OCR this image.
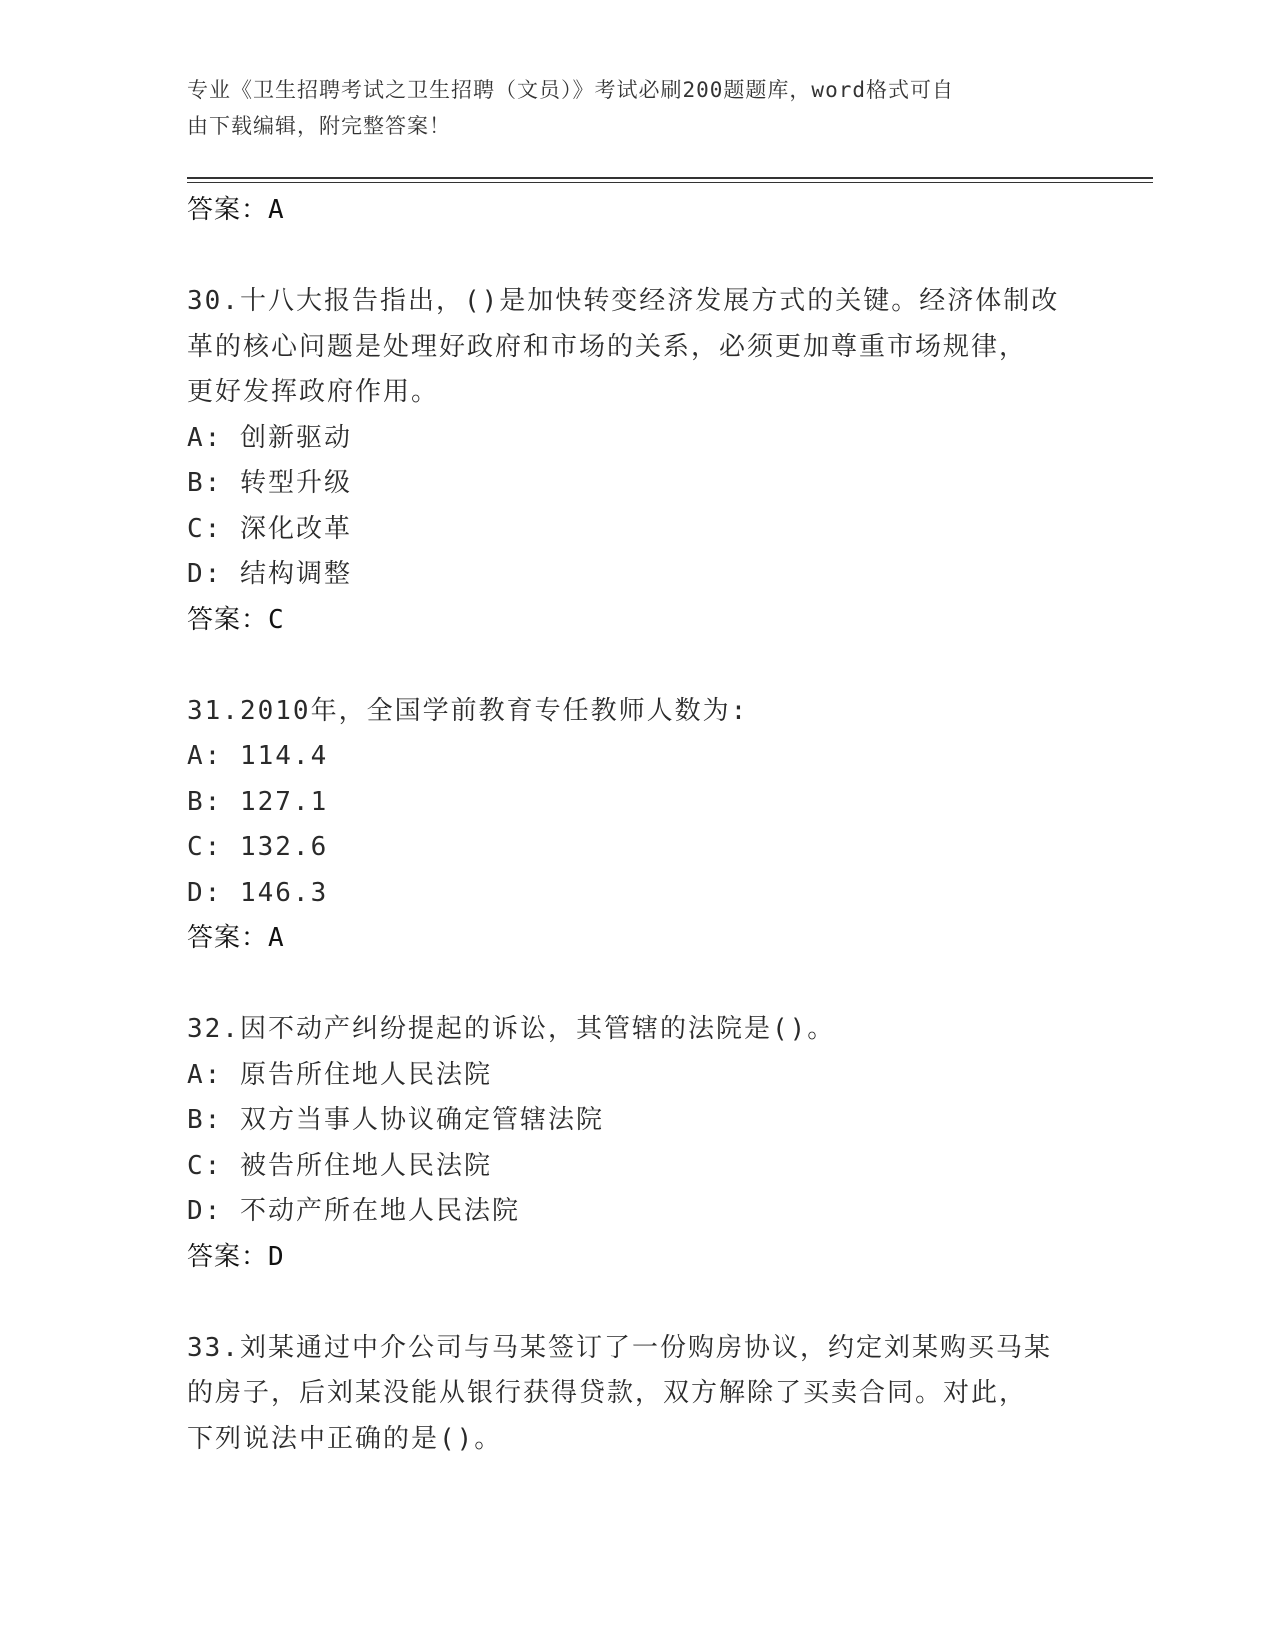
专业《卫生招聘考试之卫生招聘（文员）》考试必刷200题题库，word格式可自
由下载编辑，附完整答案！
答案：A
30.十八大报告指出，()是加快转变经济发展方式的关键。经济体制改
革的核心问题是处理好政府和市场的关系，必须更加尊重市场规律，
更好发挥政府作用。
A: 创新驱动
B: 转型升级
C: 深化改革
D: 结构调整
答案：C
31.2010年，全国学前教育专任教师人数为:
A: 114.4
B: 127.1
C: 132.6
D: 146.3
答案：A
32.因不动产纠纷提起的诉讼，其管辖的法院是()。
A: 原告所住地人民法院
B: 双方当事人协议确定管辖法院
C: 被告所住地人民法院
D: 不动产所在地人民法院
答案：D
33.刘某通过中介公司与马某签订了一份购房协议，约定刘某购买马某
的房子，后刘某没能从银行获得贷款，双方解除了买卖合同。对此，
下列说法中正确的是()。
